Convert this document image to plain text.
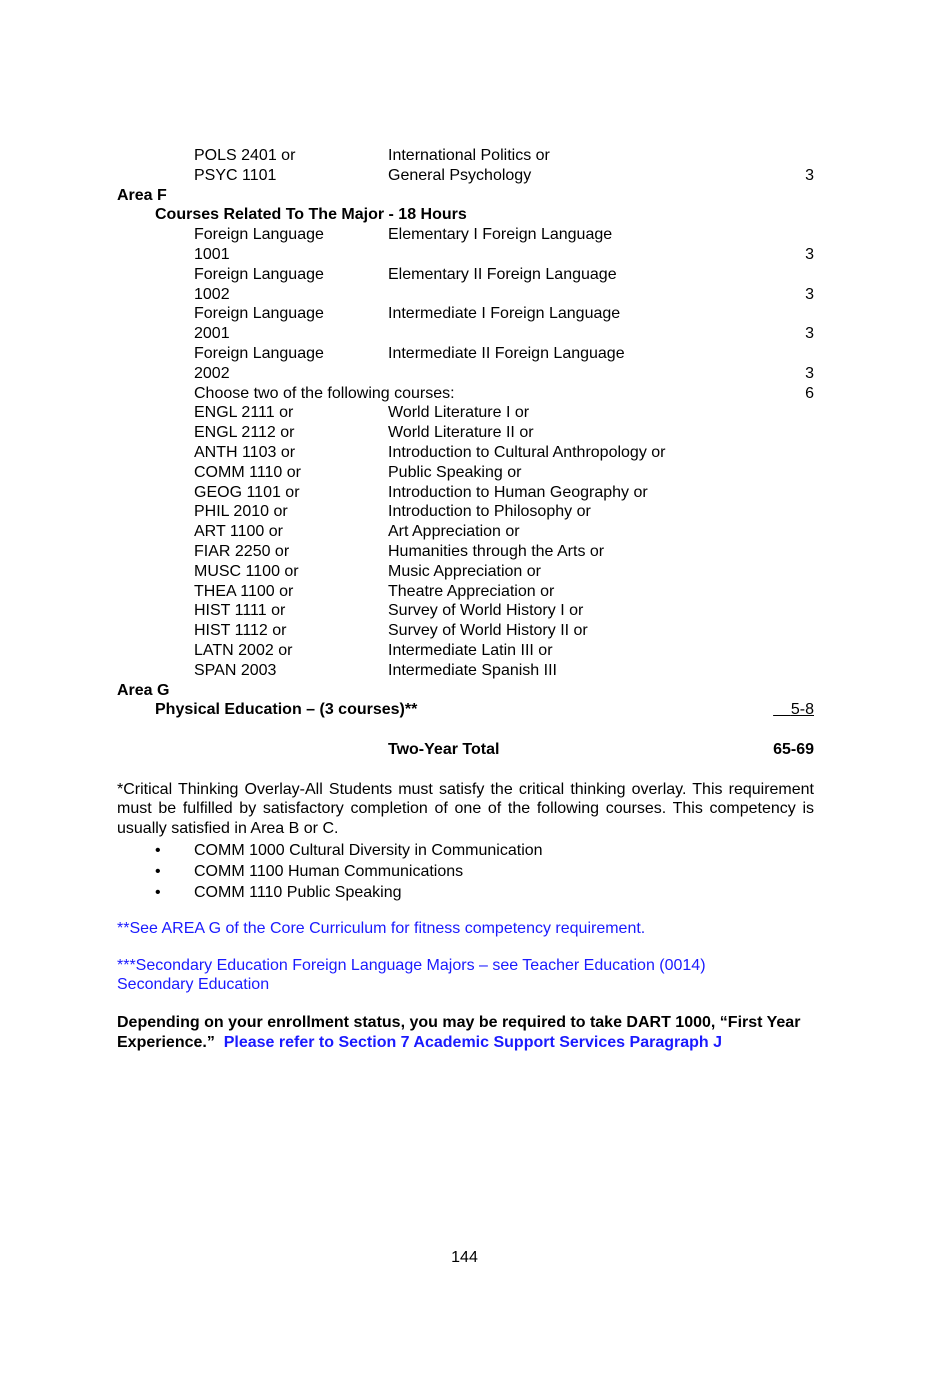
POLS 2401 or	International Politics or
PSYC 1101	General Psychology	3
Area F
Courses Related To The Major - 18 Hours
Foreign Language	Elementary I Foreign Language
1001	3
Foreign Language	Elementary II Foreign Language
1002	3
Foreign Language	Intermediate I Foreign Language
2001	3
Foreign Language	Intermediate II Foreign Language
2002	3
Choose two of the following courses:	6
ENGL 2111 or	World Literature I or
ENGL 2112 or	World Literature II or
ANTH 1103 or	Introduction to Cultural Anthropology or
COMM 1110 or	Public Speaking or
GEOG 1101 or	Introduction to Human Geography or
PHIL 2010 or	Introduction to Philosophy or
ART 1100 or	Art Appreciation or
FIAR 2250 or	Humanities through the Arts or
MUSC 1100 or	Music Appreciation or
THEA 1100 or	Theatre Appreciation or
HIST 1111 or	Survey of World History I or
HIST 1112 or	Survey of World History II or
LATN 2002 or	Intermediate Latin III or
SPAN 2003	Intermediate Spanish III
Area G
Physical Education – (3 courses)**	5-8
Two-Year Total	65-69

*Critical Thinking Overlay-All Students must satisfy the critical thinking overlay. This requirement must be fulfilled by satisfactory completion of one of the following courses. This competency is usually satisfied in Area B or C.

• COMM 1000 Cultural Diversity in Communication
• COMM 1100 Human Communications
• COMM 1110 Public Speaking

**See AREA G of the Core Curriculum for fitness competency requirement.

***Secondary Education Foreign Language Majors – see Teacher Education (0014) Secondary Education

Depending on your enrollment status, you may be required to take DART 1000, “First Year Experience.” Please refer to Section 7 Academic Support Services Paragraph J

144
